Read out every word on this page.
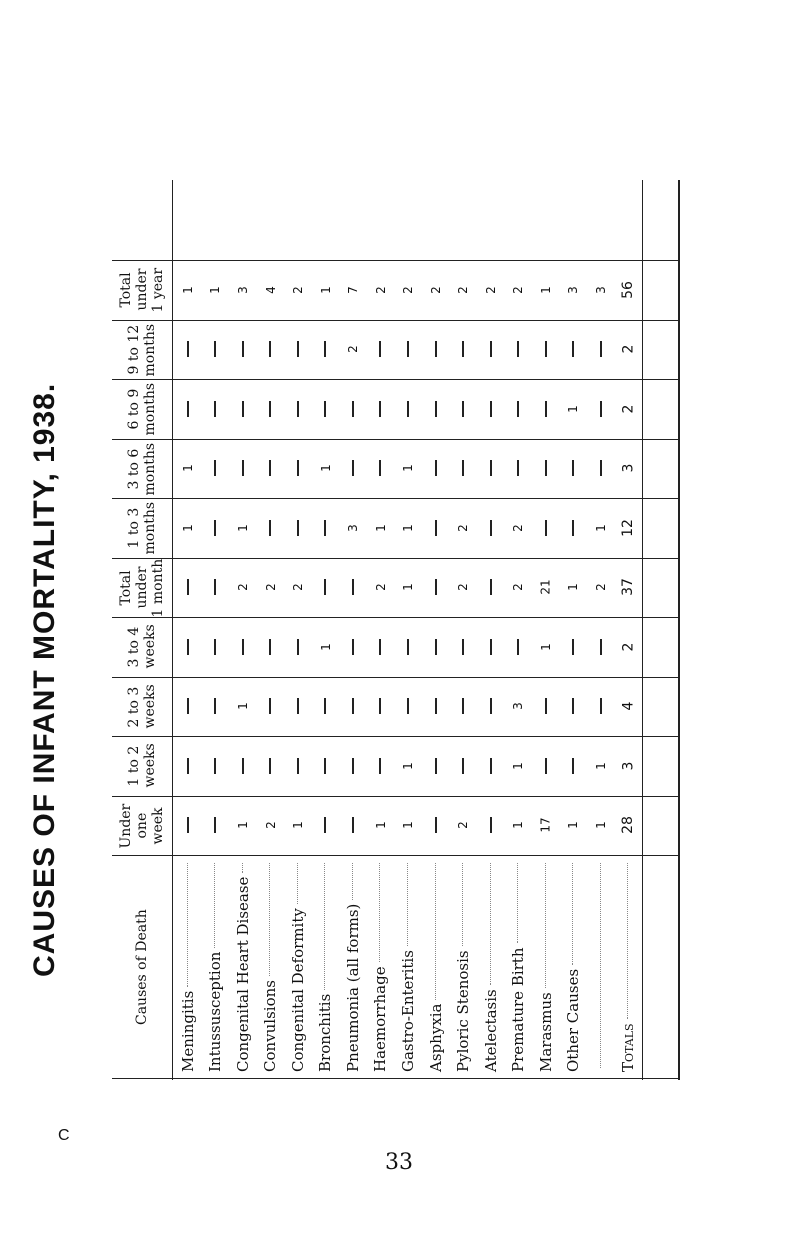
CAUSES OF INFANT MORTALITY, 1938.	Under
one
week
1 to 2
weeks
2 to 3
weeks
3 to 4
weeks
Total
under
1 month
1 to 3
months
3 to 6
months
6 to 9
months
9 to 12
months
Total
under
1 year
Causes of Death
Meningitis
1
1
1
Intussusception
1
Congenital Heart Disease
1
1
2
1
3
Convulsions
2
2
4
Congenital Deformity
1
2
2
Bronchitis
1
1
1
Pneumonia (all forms)
3
2
7
Haemorrhage
1
2
1
2
Gastro-Enteritis
1
1
1
1
1
2
Asphyxia
2
Pyloric Stenosis
2
2
2
2
Atelectasis
2
Premature Birth
1
1
3
2
2
2
Marasmus
17
1
21
1
Other Causes
1
1
1
3
1
1
2
1
3
Totals
28
3
4
2
37
12
3
2
2
56
C
33
